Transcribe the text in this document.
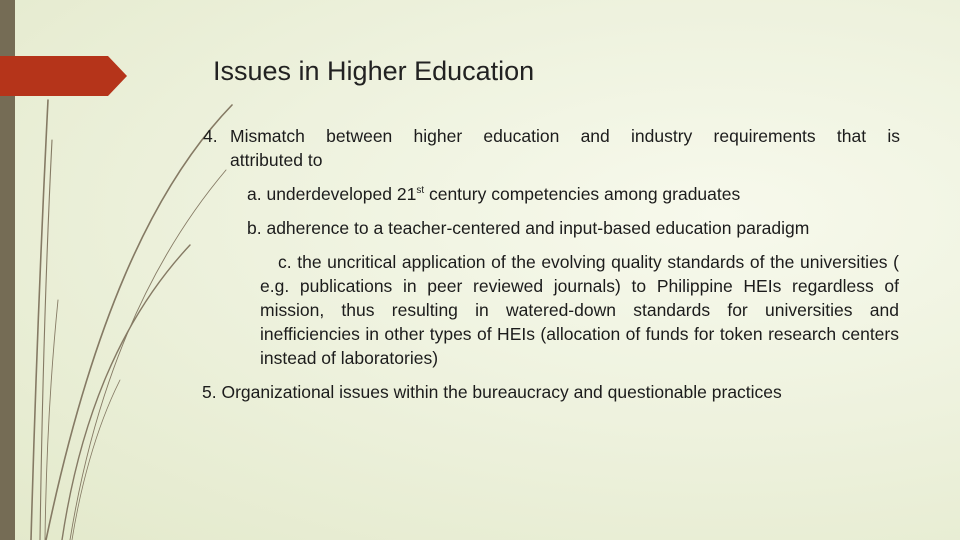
Issues in Higher Education
4. Mismatch between higher education and industry requirements that is
attributed to
a. underdeveloped 21st century competencies among graduates
b. adherence to a teacher-centered and input-based education paradigm
c. the uncritical application of the evolving quality standards of the universities ( e.g. publications in peer reviewed journals) to Philippine HEIs regardless of mission, thus resulting in watered-down standards for universities and inefficiencies in other types of HEIs (allocation of funds for token research centers instead of laboratories)
5. Organizational issues within the bureaucracy and questionable practices
